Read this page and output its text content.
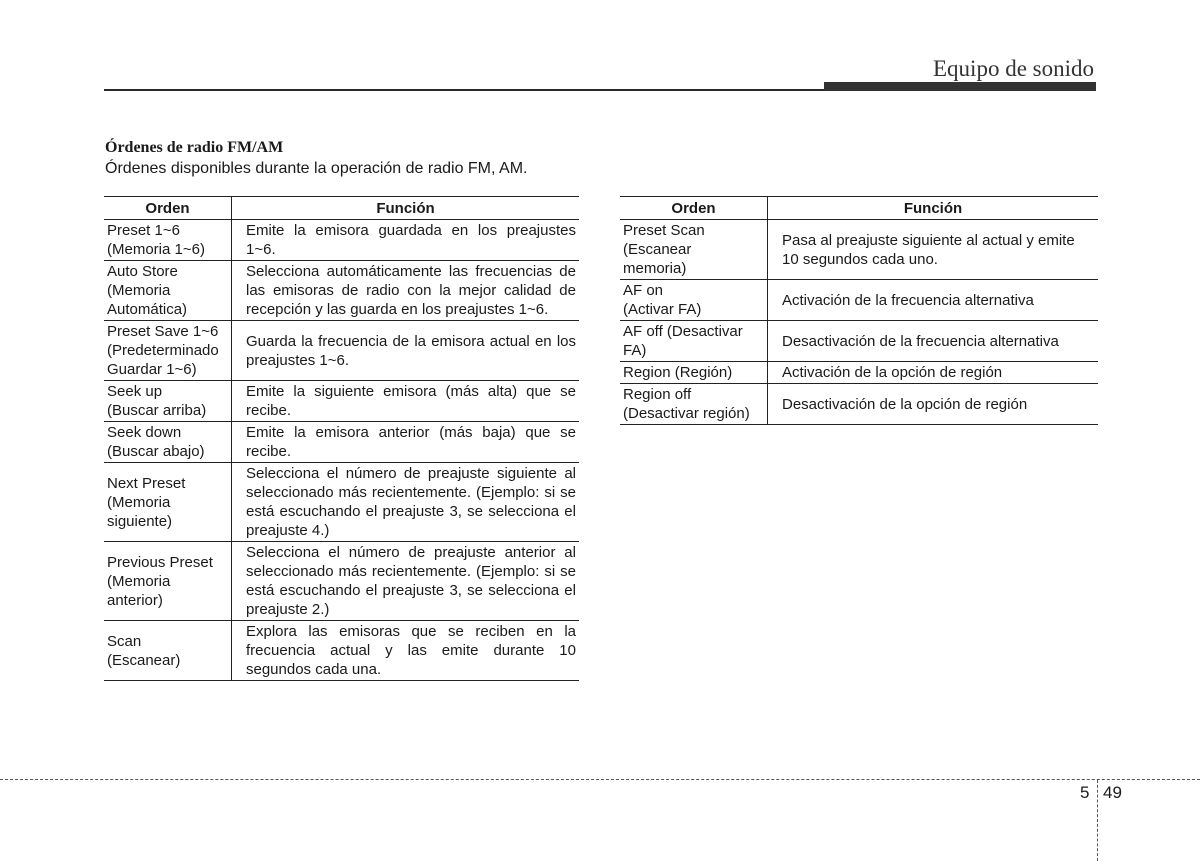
Equipo de sonido
Órdenes de radio FM/AM
Órdenes disponibles durante la operación de radio FM, AM.
Orden	Función

Preset 1~6
(Memoria 1~6)	Emite la emisora guardada en los preajustes 1~6.

Auto Store
(Memoria
Automática)	Selecciona automáticamente las frecuencias de las emisoras de radio con la mejor calidad de recepción y las guarda en los preajustes 1~6.

Preset Save 1~6
(Predeterminado
Guardar 1~6)	Guarda la frecuencia de la emisora actual en los preajustes 1~6.

Seek up
(Buscar arriba)	Emite la siguiente emisora (más alta) que se recibe.

Seek down
(Buscar abajo)	Emite la emisora anterior (más baja) que se recibe.

Next Preset
(Memoria
siguiente)	Selecciona el número de preajuste siguiente al seleccionado más recientemente. (Ejemplo: si se está escuchando el preajuste 3, se selecciona el preajuste 4.)

Previous Preset
(Memoria
anterior)	Selecciona el número de preajuste anterior al seleccionado más recientemente. (Ejemplo: si se está escuchando el preajuste 3, se selecciona el preajuste 2.)

Scan
(Escanear)	Explora las emisoras que se reciben en la frecuencia actual y las emite durante 10 segundos cada una.
Orden	Función

Preset Scan
(Escanear
memoria)	Pasa al preajuste siguiente al actual y emite 10 segundos cada uno.

AF on
(Activar FA)	Activación de la frecuencia alternativa

AF off (Desactivar
FA)	Desactivación de la frecuencia alternativa

Region (Región)	Activación de la opción de región

Region off
(Desactivar región)	Desactivación de la opción de región
5 49
